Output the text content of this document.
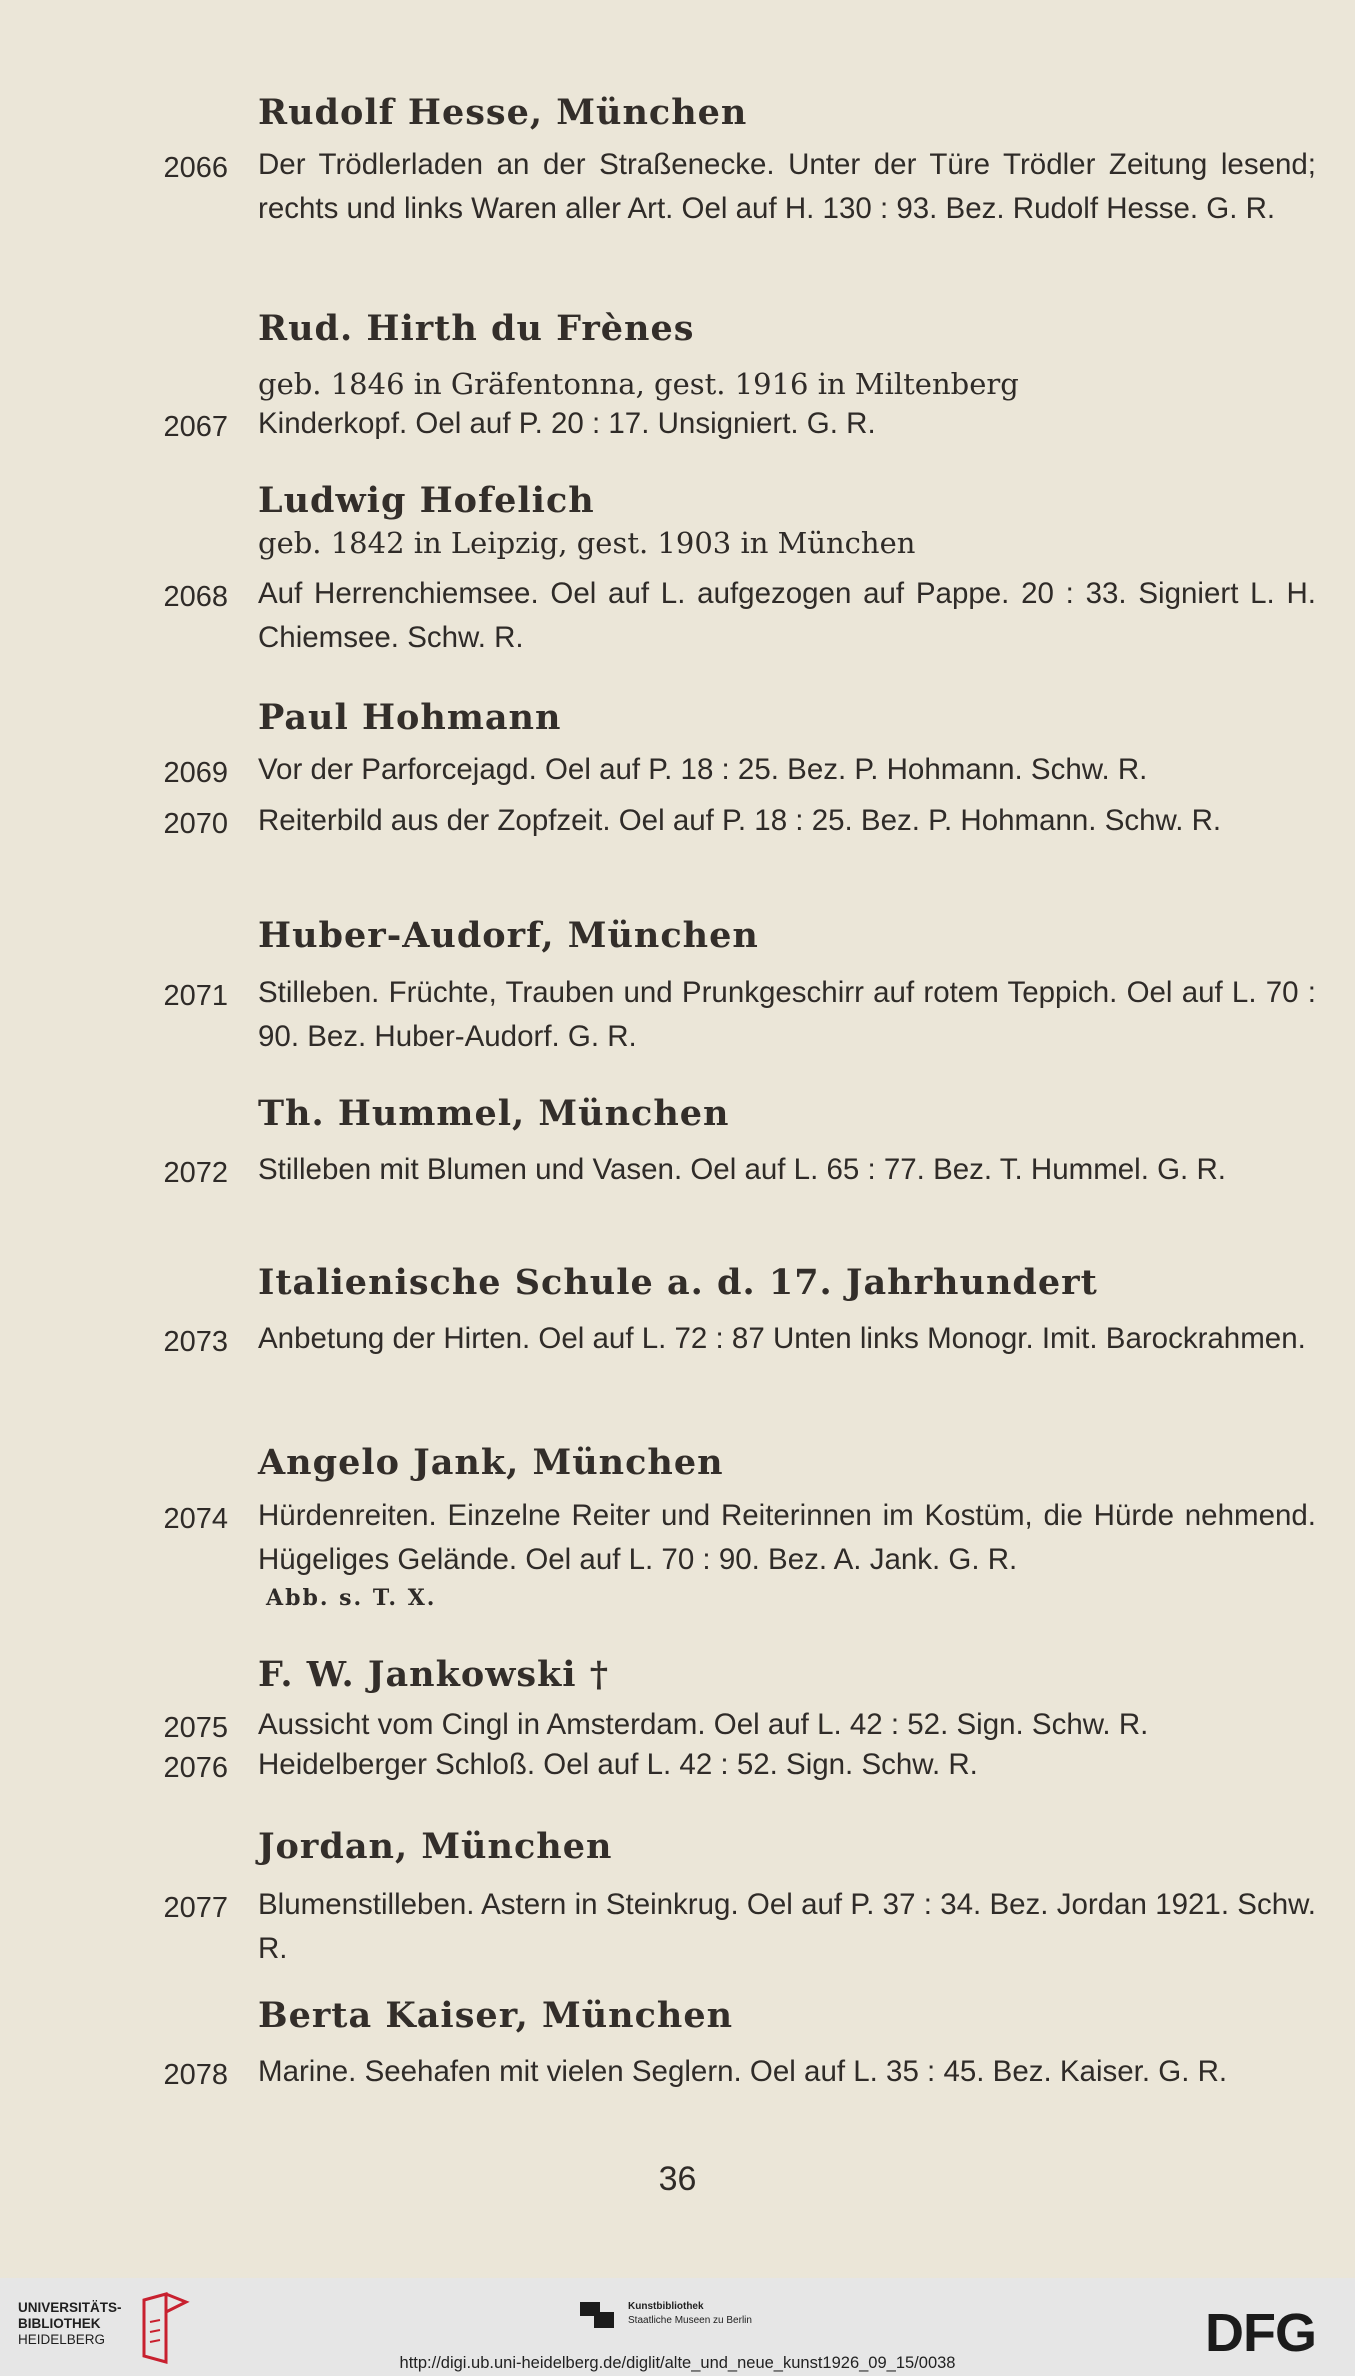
Rudolf Hesse, München
2066 Der Trödlerladen an der Straßenecke. Unter der Türe Trödler Zeitung lesend; rechts und links Waren aller Art. Oel auf H. 130 : 93. Bez. Rudolf Hesse. G. R.
Rud. Hirth du Frènes
geb. 1846 in Gräfentonna, gest. 1916 in Miltenberg
2067 Kinderkopf. Oel auf P. 20 : 17. Unsigniert. G. R.
Ludwig Hofelich
geb. 1842 in Leipzig, gest. 1903 in München
2068 Auf Herrenchiemsee. Oel auf L. aufgezogen auf Pappe. 20 : 33. Signiert L. H. Chiemsee. Schw. R.
Paul Hohmann
2069 Vor der Parforcejagd. Oel auf P. 18 : 25. Bez. P. Hohmann. Schw. R.
2070 Reiterbild aus der Zopfzeit. Oel auf P. 18 : 25. Bez. P. Hohmann. Schw. R.
Huber-Audorf, München
2071 Stilleben. Früchte, Trauben und Prunkgeschirr auf rotem Teppich. Oel auf L. 70 : 90. Bez. Huber-Audorf. G. R.
Th. Hummel, München
2072 Stilleben mit Blumen und Vasen. Oel auf L. 65 : 77. Bez. T. Hummel. G. R.
Italienische Schule a. d. 17. Jahrhundert
2073 Anbetung der Hirten. Oel auf L. 72 : 87 Unten links Monogr. Imit. Barockrahmen.
Angelo Jank, München
2074 Hürdenreiten. Einzelne Reiter und Reiterinnen im Kostüm, die Hürde nehmend. Hügeliges Gelände. Oel auf L. 70 : 90. Bez. A. Jank. G. R.
Abb. s. T. X.
F. W. Jankowski †
2075 Aussicht vom Cingl in Amsterdam. Oel auf L. 42 : 52. Sign. Schw. R.
2076 Heidelberger Schloß. Oel auf L. 42 : 52. Sign. Schw. R.
Jordan, München
2077 Blumenstilleben. Astern in Steinkrug. Oel auf P. 37 : 34. Bez. Jordan 1921. Schw. R.
Berta Kaiser, München
2078 Marine. Seehafen mit vielen Seglern. Oel auf L. 35 : 45. Bez. Kaiser. G. R.
36
UNIVERSITÄTS-
BIBLIOTHEK
HEIDELBERG
Kunstbibliothek
Staatliche Museen zu Berlin	DFG
http://digi.ub.uni-heidelberg.de/diglit/alte_und_neue_kunst1926_09_15/0038
